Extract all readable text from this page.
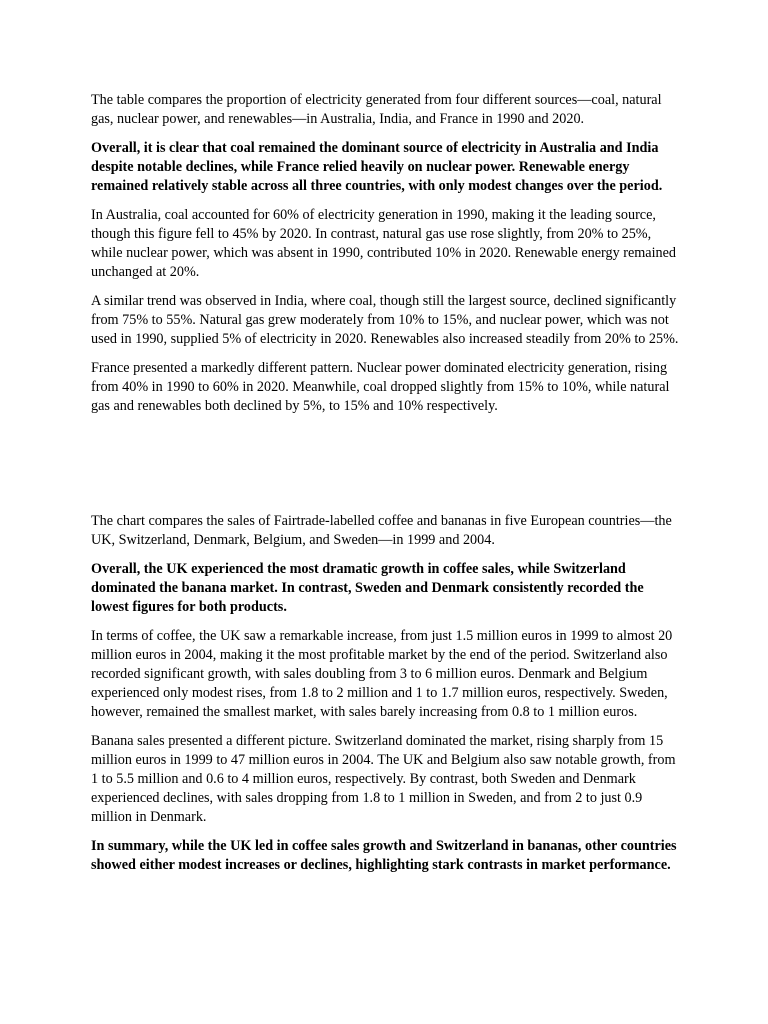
The table compares the proportion of electricity generated from four different sources—coal, natural gas, nuclear power, and renewables—in Australia, India, and France in 1990 and 2020.

Overall, it is clear that coal remained the dominant source of electricity in Australia and India despite notable declines, while France relied heavily on nuclear power. Renewable energy remained relatively stable across all three countries, with only modest changes over the period.

In Australia, coal accounted for 60% of electricity generation in 1990, making it the leading source, though this figure fell to 45% by 2020. In contrast, natural gas use rose slightly, from 20% to 25%, while nuclear power, which was absent in 1990, contributed 10% in 2020. Renewable energy remained unchanged at 20%.

A similar trend was observed in India, where coal, though still the largest source, declined significantly from 75% to 55%. Natural gas grew moderately from 10% to 15%, and nuclear power, which was not used in 1990, supplied 5% of electricity in 2020. Renewables also increased steadily from 20% to 25%.

France presented a markedly different pattern. Nuclear power dominated electricity generation, rising from 40% in 1990 to 60% in 2020. Meanwhile, coal dropped slightly from 15% to 10%, while natural gas and renewables both declined by 5%, to 15% and 10% respectively.

The chart compares the sales of Fairtrade-labelled coffee and bananas in five European countries—the UK, Switzerland, Denmark, Belgium, and Sweden—in 1999 and 2004.

Overall, the UK experienced the most dramatic growth in coffee sales, while Switzerland dominated the banana market. In contrast, Sweden and Denmark consistently recorded the lowest figures for both products.

In terms of coffee, the UK saw a remarkable increase, from just 1.5 million euros in 1999 to almost 20 million euros in 2004, making it the most profitable market by the end of the period. Switzerland also recorded significant growth, with sales doubling from 3 to 6 million euros. Denmark and Belgium experienced only modest rises, from 1.8 to 2 million and 1 to 1.7 million euros, respectively. Sweden, however, remained the smallest market, with sales barely increasing from 0.8 to 1 million euros.

Banana sales presented a different picture. Switzerland dominated the market, rising sharply from 15 million euros in 1999 to 47 million euros in 2004. The UK and Belgium also saw notable growth, from 1 to 5.5 million and 0.6 to 4 million euros, respectively. By contrast, both Sweden and Denmark experienced declines, with sales dropping from 1.8 to 1 million in Sweden, and from 2 to just 0.9 million in Denmark.

In summary, while the UK led in coffee sales growth and Switzerland in bananas, other countries showed either modest increases or declines, highlighting stark contrasts in market performance.
